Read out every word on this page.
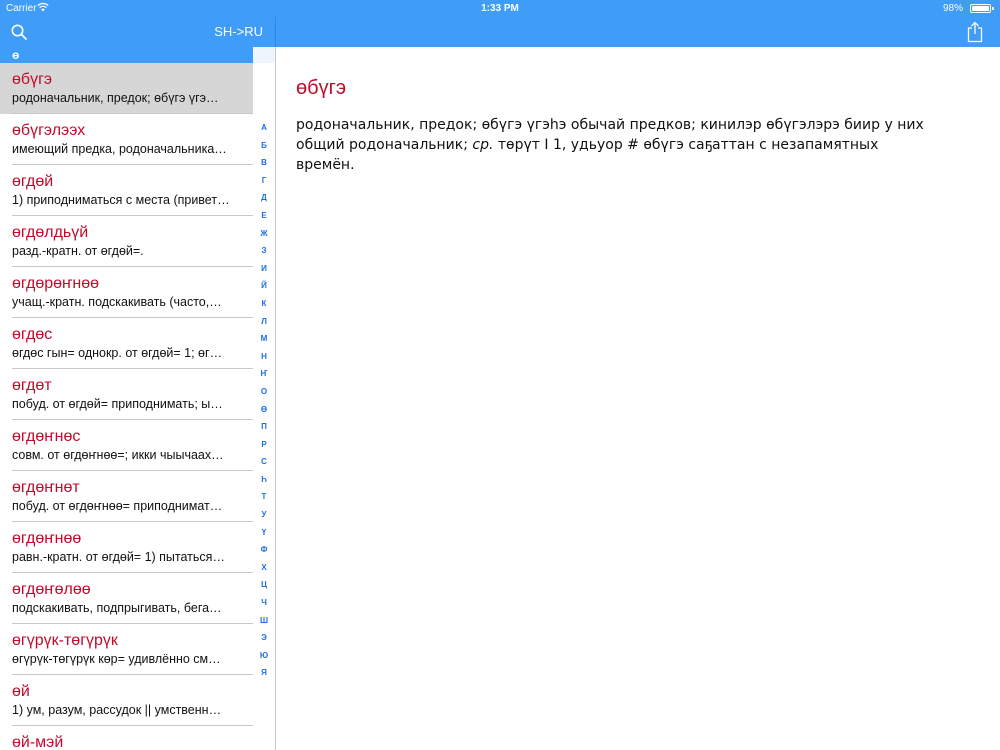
Carrier	1:33 PM	98%
SH->RU
ө
өбүгэ
родоначальник, предок; өбүгэ үгэ…
өбүгэлээх
имеющий предка, родоначальника…
өгдөй
1) приподниматься с места (привет…
өгдөлдьүй
разд.-кратн. от өгдөй=.
өгдөрөҥнөө
учащ.-кратн. подскакивать (часто,…
өгдөс
өгдөс гын= однокр. от өгдөй= 1; өг…
өгдөт
побуд. от өгдөй= приподнимать; ы…
өгдөҥнөс
совм. от өгдөҥнөө=; икки чыычаах…
өгдөҥнөт
побуд. от өгдөҥнөө= приподнимат…
өгдөҥнөө
равн.-кратн. от өгдөй= 1) пытаться…
өгдөҥөлөө
подскакивать, подпрыгивать, бега…
өгүрүк-төгүрүк
өгүрүк-төгүрүк көр= удивлённо см…
өй
1) ум, разум, рассудок || умственн…
өй-мэй
А
Б
В
Г
Д
Е
Ж
З
И
Й
К
Л
М
Н
Ҥ
О
Ө
П
Р
С
Һ
Т
У
Ү
Ф
Х
Ц
Ч
Ш
Э
Ю
Я
өбүгэ
родоначальник, предок; өбүгэ үгэһэ обычай предков; кинилэр өбүгэлэрэ биир у них общий родоначальник; ср. төрүт I 1, удьуор # өбүгэ саҕаттан с незапамятных времён.
